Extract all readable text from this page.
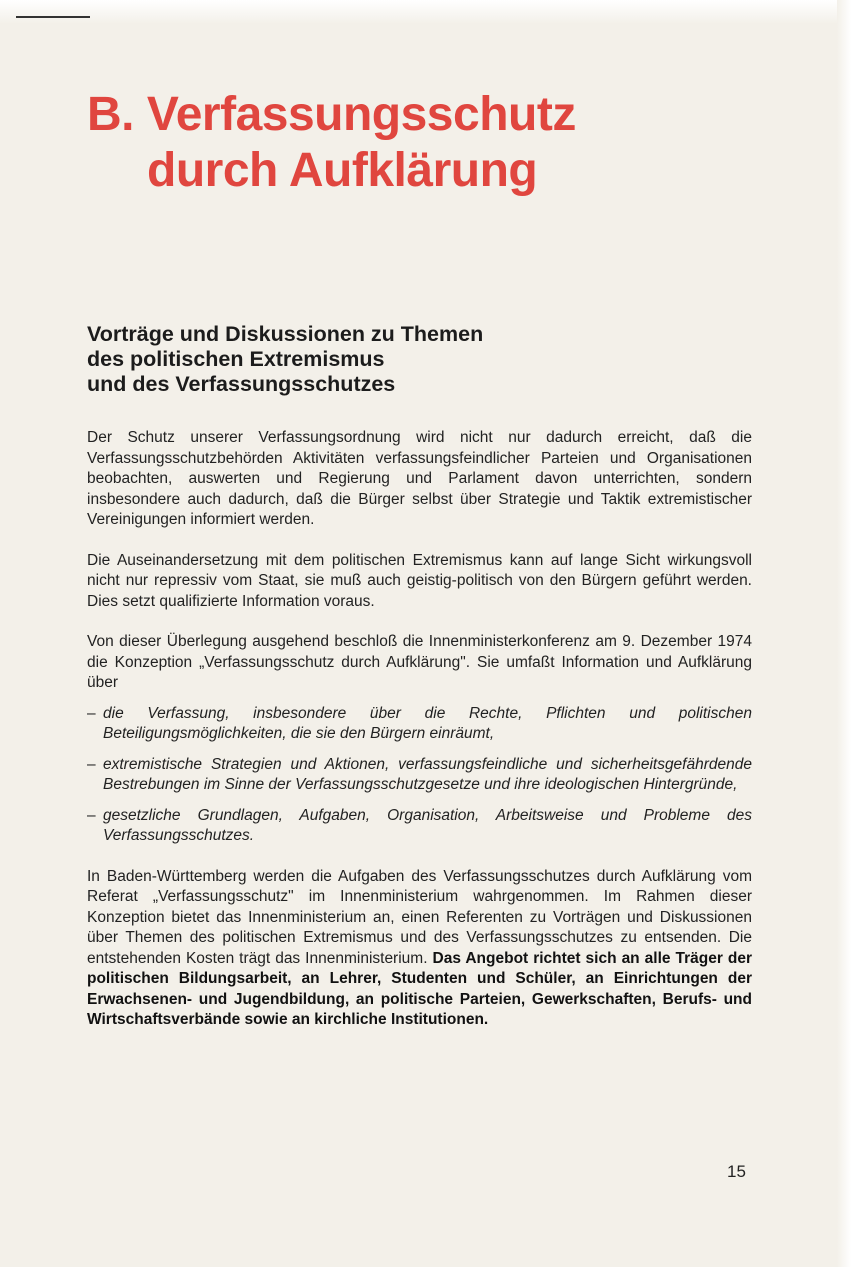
B. Verfassungsschutz

durch Aufklärung
Vorträge und Diskussionen zu Themen
des politischen Extremismus
und des Verfassungsschutzes

Der Schutz unserer Verfassungsordnung wird nicht nur dadurch erreicht, daß die Verfassungsschutzbehörden Aktivitäten verfassungsfeindlicher Parteien und Organisationen beobachten, auswerten und Regierung und Parlament davon unterrichten, sondern insbesondere auch dadurch, daß die Bürger selbst über Strategie und Taktik extremistischer Vereinigungen informiert werden.

Die Auseinandersetzung mit dem politischen Extremismus kann auf lange Sicht wirkungsvoll nicht nur repressiv vom Staat, sie muß auch geistig-politisch von den Bürgern geführt werden. Dies setzt qualifizierte Information voraus.

Von dieser Überlegung ausgehend beschloß die Innenministerkonferenz am 9. Dezember 1974 die Konzeption „Verfassungsschutz durch Aufklärung". Sie umfaßt Information und Aufklärung über

– die Verfassung, insbesondere über die Rechte, Pflichten und politischen Beteiligungsmöglichkeiten, die sie den Bürgern einräumt,
– extremistische Strategien und Aktionen, verfassungsfeindliche und sicherheitsgefährdende Bestrebungen im Sinne der Verfassungsschutzgesetze und ihre ideologischen Hintergründe,
– gesetzliche Grundlagen, Aufgaben, Organisation, Arbeitsweise und Probleme des Verfassungsschutzes.

In Baden-Württemberg werden die Aufgaben des Verfassungsschutzes durch Aufklärung vom Referat „Verfassungsschutz" im Innenministerium wahrgenommen. Im Rahmen dieser Konzeption bietet das Innenministerium an, einen Referenten zu Vorträgen und Diskussionen über Themen des politischen Extremismus und des Verfassungsschutzes zu entsenden. Die entstehenden Kosten trägt das Innenministerium. Das Angebot richtet sich an alle Träger der politischen Bildungsarbeit, an Lehrer, Studenten und Schüler, an Einrichtungen der Erwachsenen- und Jugendbildung, an politische Parteien, Gewerkschaften, Berufs- und Wirtschaftsverbände sowie an kirchliche Institutionen.

15
